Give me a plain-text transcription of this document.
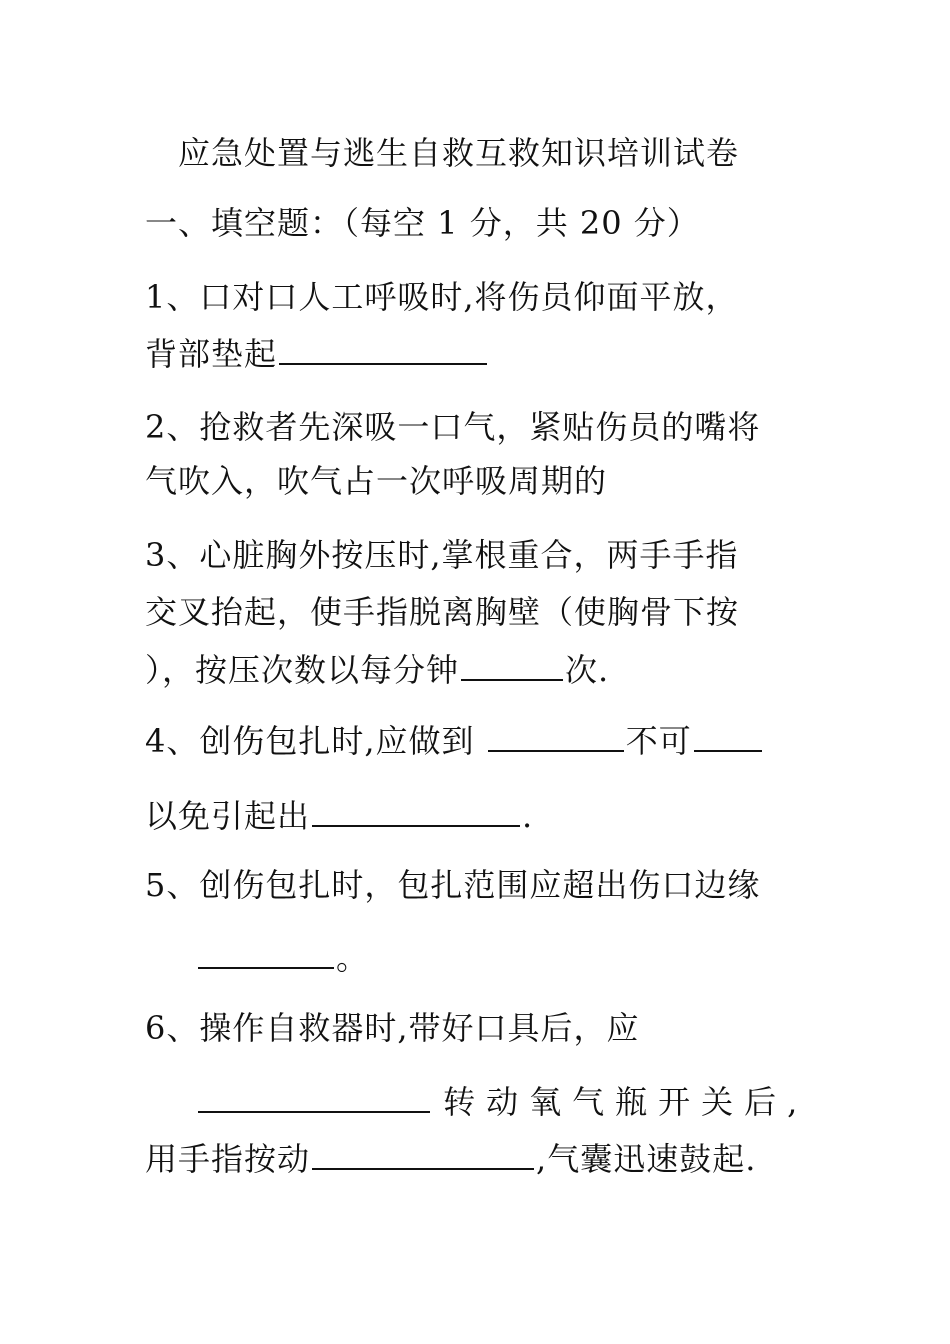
应急处置与逃生自救互救知识培训试卷
一、填空题：（每空 1 分，共 20 分）
1、口对口人工呼吸时,将伤员仰面平放，
背部垫起
2、抢救者先深吸一口气，紧贴伤员的嘴将
气吹入，吹气占一次呼吸周期的
3、心脏胸外按压时,掌根重合，两手手指
交叉抬起，使手指脱离胸壁（使胸骨下按
），按压次数以每分钟	次.
4、创伤包扎时,应做到	不可
以免引起出	.
5、创伤包扎时，包扎范围应超出伤口边缘
。
6、操作自救器时,带好口具后，应
转动氧气瓶开关后,
用手指按动	,气囊迅速鼓起.
